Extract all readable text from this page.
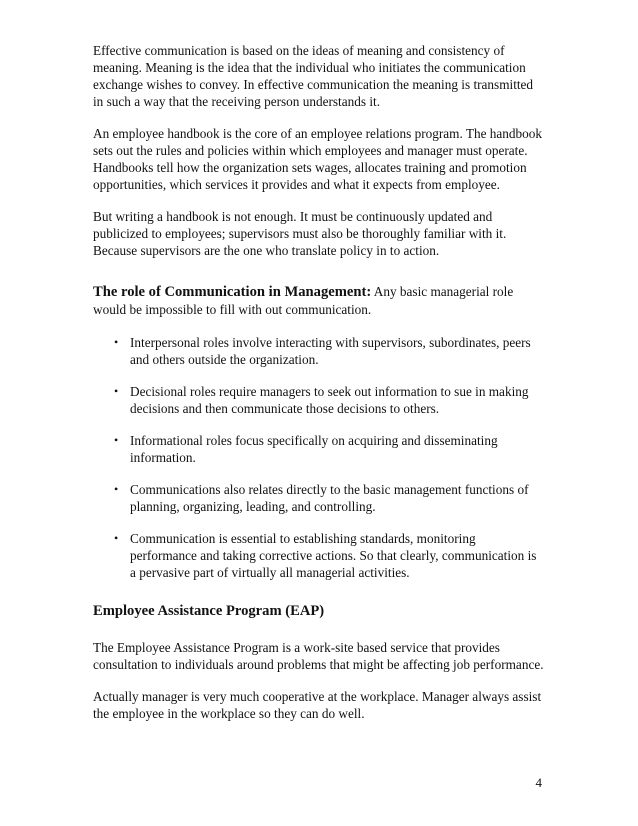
Effective communication is based on the ideas of meaning and consistency of meaning. Meaning is the idea that the individual who initiates the communication exchange wishes to convey. In effective communication the meaning is transmitted in such a way that the receiving person understands it.

An employee handbook is the core of an employee relations program. The handbook sets out the rules and policies within which employees and manager must operate. Handbooks tell how the organization sets wages, allocates training and promotion opportunities, which services it provides and what it expects from employee.

But writing a handbook is not enough. It must be continuously updated and publicized to employees; supervisors must also be thoroughly familiar with it. Because supervisors are the one who translate policy in to action.

The role of Communication in Management: Any basic managerial role would be impossible to fill with out communication.

• Interpersonal roles involve interacting with supervisors, subordinates, peers and others outside the organization.
• Decisional roles require managers to seek out information to sue in making decisions and then communicate those decisions to others.
• Informational roles focus specifically on acquiring and disseminating information.
• Communications also relates directly to the basic management functions of planning, organizing, leading, and controlling.
• Communication is essential to establishing standards, monitoring performance and taking corrective actions. So that clearly, communication is a pervasive part of virtually all managerial activities.
Employee Assistance Program (EAP)

The Employee Assistance Program is a work-site based service that provides consultation to individuals around problems that might be affecting job performance.

Actually manager is very much cooperative at the workplace. Manager always assist the employee in the workplace so they can do well.

4
